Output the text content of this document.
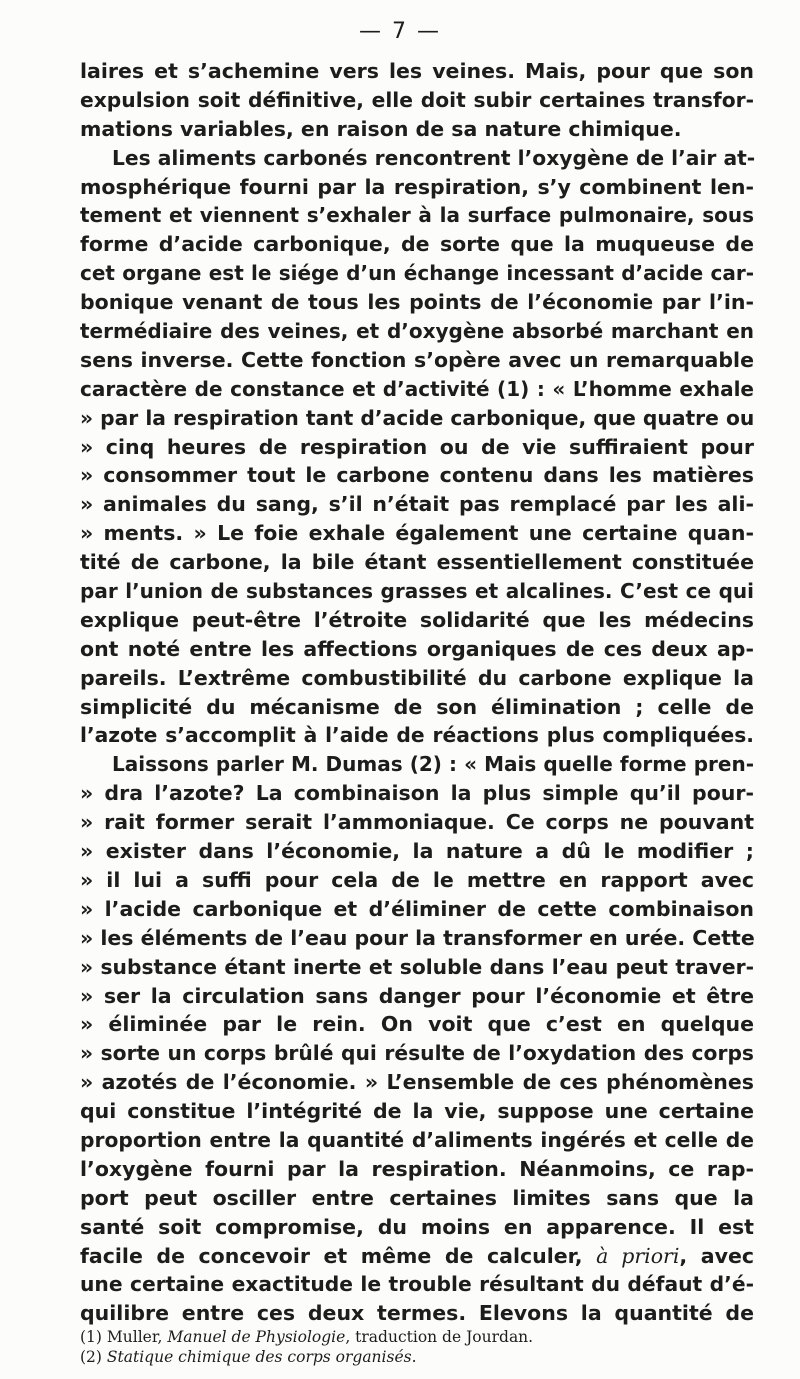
— 7 —
laires et s’achemine vers les veines. Mais, pour que son
expulsion soit définitive, elle doit subir certaines transfor-
mations variables, en raison de sa nature chimique.
Les aliments carbonés rencontrent l’oxygène de l’air at-
mosphérique fourni par la respiration, s’y combinent len-
tement et viennent s’exhaler à la surface pulmonaire, sous
forme d’acide carbonique, de sorte que la muqueuse de
cet organe est le siége d’un échange incessant d’acide car-
bonique venant de tous les points de l’économie par l’in-
termédiaire des veines, et d’oxygène absorbé marchant en
sens inverse. Cette fonction s’opère avec un remarquable
caractère de constance et d’activité (1) : « L’homme exhale
» par la respiration tant d’acide carbonique, que quatre ou
» cinq heures de respiration ou de vie suffiraient pour
» consommer tout le carbone contenu dans les matières
» animales du sang, s’il n’était pas remplacé par les ali-
» ments. » Le foie exhale également une certaine quan-
tité de carbone, la bile étant essentiellement constituée
par l’union de substances grasses et alcalines. C’est ce qui
explique peut-être l’étroite solidarité que les médecins
ont noté entre les affections organiques de ces deux ap-
pareils. L’extrême combustibilité du carbone explique la
simplicité du mécanisme de son élimination ; celle de
l’azote s’accomplit à l’aide de réactions plus compliquées.
Laissons parler M. Dumas (2) : « Mais quelle forme pren-
» dra l’azote? La combinaison la plus simple qu’il pour-
» rait former serait l’ammoniaque. Ce corps ne pouvant
» exister dans l’économie, la nature a dû le modifier ;
» il lui a suffi pour cela de le mettre en rapport avec
» l’acide carbonique et d’éliminer de cette combinaison
» les éléments de l’eau pour la transformer en urée. Cette
» substance étant inerte et soluble dans l’eau peut traver-
» ser la circulation sans danger pour l’économie et être
» éliminée par le rein. On voit que c’est en quelque
» sorte un corps brûlé qui résulte de l’oxydation des corps
» azotés de l’économie. » L’ensemble de ces phénomènes
qui constitue l’intégrité de la vie, suppose une certaine
proportion entre la quantité d’aliments ingérés et celle de
l’oxygène fourni par la respiration. Néanmoins, ce rap-
port peut osciller entre certaines limites sans que la
santé soit compromise, du moins en apparence. Il est
facile de concevoir et même de calculer, à priori, avec
une certaine exactitude le trouble résultant du défaut d’é-
quilibre entre ces deux termes. Elevons la quantité de
(1) Muller, Manuel de Physiologie, traduction de Jourdan.
(2) Statique chimique des corps organisés.
